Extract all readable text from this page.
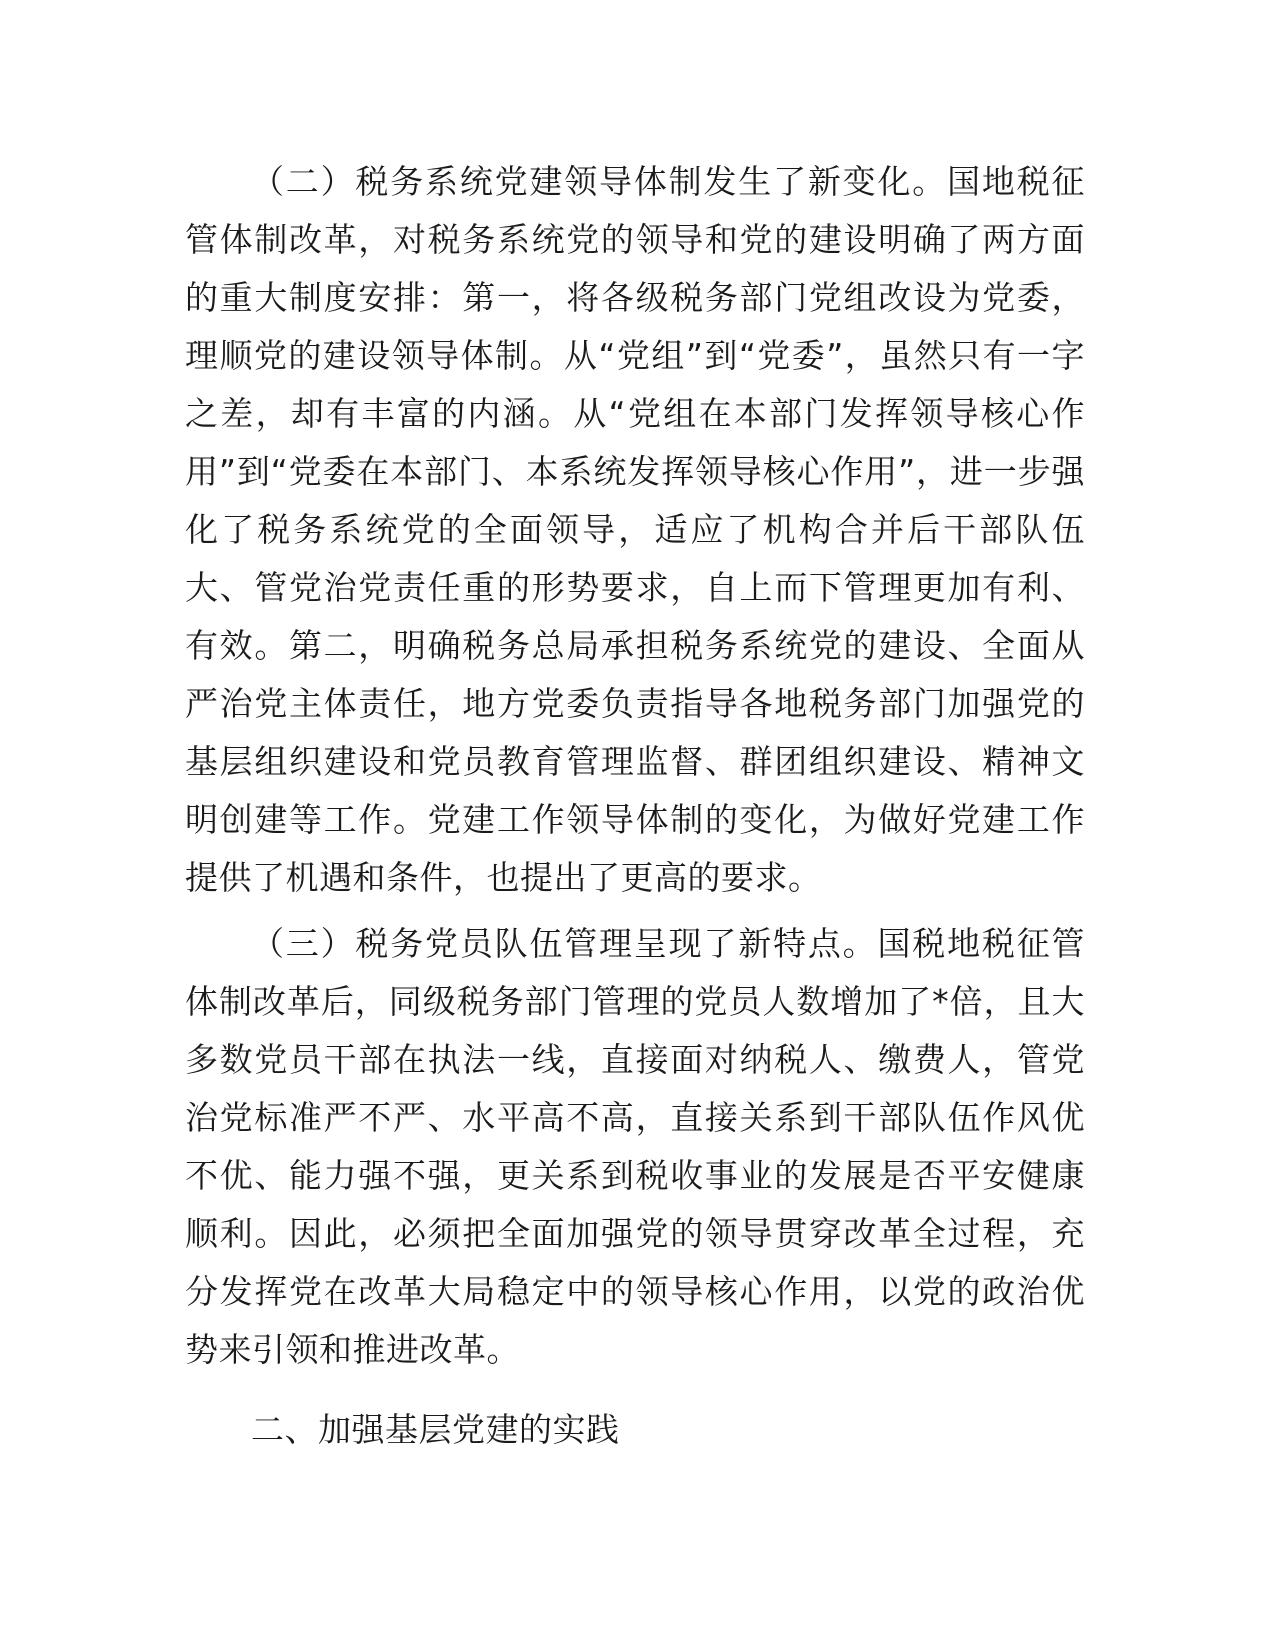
（二）税务系统党建领导体制发生了新变化。国地税征管体制改革，对税务系统党的领导和党的建设明确了两方面的重大制度安排：第一，将各级税务部门党组改设为党委，理顺党的建设领导体制。从“党组”到“党委”，虽然只有一字之差，却有丰富的内涵。从“党组在本部门发挥领导核心作用”到“党委在本部门、本系统发挥领导核心作用”，进一步强化了税务系统党的全面领导，适应了机构合并后干部队伍大、管党治党责任重的形势要求，自上而下管理更加有利、有效。第二，明确税务总局承担税务系统党的建设、全面从严治党主体责任，地方党委负责指导各地税务部门加强党的基层组织建设和党员教育管理监督、群团组织建设、精神文明创建等工作。党建工作领导体制的变化，为做好党建工作提供了机遇和条件，也提出了更高的要求。

（三）税务党员队伍管理呈现了新特点。国税地税征管体制改革后，同级税务部门管理的党员人数增加了*倍，且大多数党员干部在执法一线，直接面对纳税人、缴费人，管党治党标准严不严、水平高不高，直接关系到干部队伍作风优不优、能力强不强，更关系到税收事业的发展是否平安健康顺利。因此，必须把全面加强党的领导贯穿改革全过程，充分发挥党在改革大局稳定中的领导核心作用，以党的政治优势来引领和推进改革。

二、加强基层党建的实践
